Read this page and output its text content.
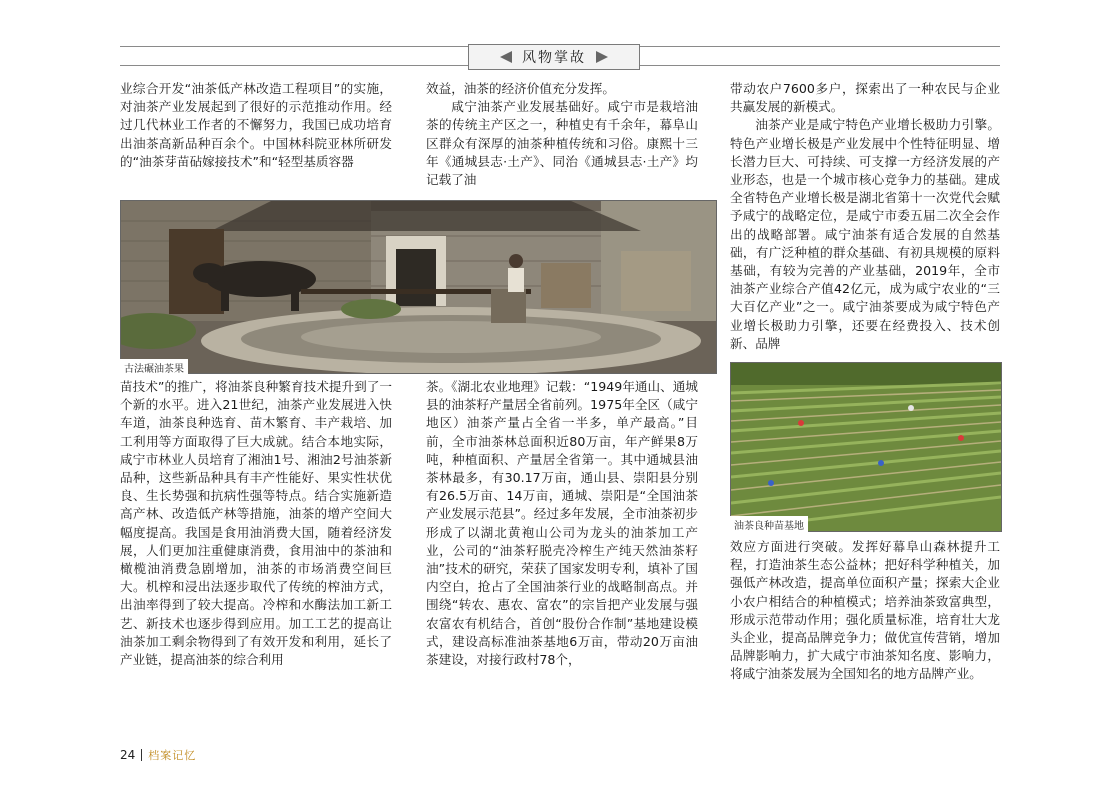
风物掌故

业综合开发“油茶低产林改造工程项目”的实施，对油茶产业发展起到了很好的示范推动作用。经过几代林业工作者的不懈努力，我国已成功培育出油茶高新品种百余个。中国林科院亚林所研发的“油茶芽苗砧嫁接技术”和“轻型基质容器

古法碾油茶果

苗技术”的推广，将油茶良种繁育技术提升到了一个新的水平。进入21世纪，油茶产业发展进入快车道，油茶良种选育、苗木繁育、丰产栽培、加工利用等方面取得了巨大成就。结合本地实际，咸宁市林业人员培育了湘油1号、湘油2号油茶新品种，这些新品种具有丰产性能好、果实性状优良、生长势强和抗病性强等特点。结合实施新造高产林、改造低产林等措施，油茶的增产空间大幅度提高。我国是食用油消费大国，随着经济发展，人们更加注重健康消费，食用油中的茶油和橄榄油消费急剧增加，油茶的市场消费空间巨大。机榨和浸出法逐步取代了传统的榨油方式，出油率得到了较大提高。冷榨和水酶法加工新工艺、新技术也逐步得到应用。加工工艺的提高让油茶加工剩余物得到了有效开发和利用，延长了产业链，提高油茶的综合利用

效益，油茶的经济价值充分发挥。

咸宁油茶产业发展基础好。咸宁市是栽培油茶的传统主产区之一，种植史有千余年，幕阜山区群众有深厚的油茶种植传统和习俗。康熙十三年《通城县志·土产》、同治《通城县志·土产》均记载了油

茶。《湖北农业地理》记载：“1949年通山、通城县的油茶籽产量居全省前列。1975年全区（咸宁地区）油茶产量占全省一半多，单产最高。”目前，全市油茶林总面积近80万亩，年产鲜果8万吨，种植面积、产量居全省第一。其中通城县油茶林最多，有30.17万亩，通山县、崇阳县分别有26.5万亩、14万亩，通城、崇阳是“全国油茶产业发展示范县”。经过多年发展，全市油茶初步形成了以湖北黄袍山公司为龙头的油茶加工产业，公司的“油茶籽脱壳冷榨生产纯天然油茶籽油”技术的研究，荣获了国家发明专利，填补了国内空白，抢占了全国油茶行业的战略制高点。并围绕“转农、惠农、富农”的宗旨把产业发展与强农富农有机结合，首创“股份合作制”基地建设模式，建设高标准油茶基地6万亩，带动20万亩油茶建设，对接行政村78个，

带动农户7600多户，探索出了一种农民与企业共赢发展的新模式。

油茶产业是咸宁特色产业增长极助力引擎。特色产业增长极是产业发展中个性特征明显、增长潜力巨大、可持续、可支撑一方经济发展的产业形态，也是一个城市核心竞争力的基础。建成全省特色产业增长极是湖北省第十一次党代会赋予咸宁的战略定位，是咸宁市委五届二次全会作出的战略部署。咸宁油茶有适合发展的自然基础，有广泛种植的群众基础、有初具规模的原料基础，有较为完善的产业基础，2019年，全市油茶产业综合产值42亿元，成为咸宁农业的“三大百亿产业”之一。咸宁油茶要成为咸宁特色产业增长极助力引擎，还要在经费投入、技术创新、品牌

油茶良种苗基地

效应方面进行突破。发挥好幕阜山森林提升工程，打造油茶生态公益林；把好科学种植关，加强低产林改造，提高单位面积产量；探索大企业小农户相结合的种植模式；培养油茶致富典型，形成示范带动作用；强化质量标准，培育壮大龙头企业，提高品牌竞争力；做优宣传营销，增加品牌影响力，扩大咸宁市油茶知名度、影响力，将咸宁油茶发展为全国知名的地方品牌产业。

24 档案记忆
